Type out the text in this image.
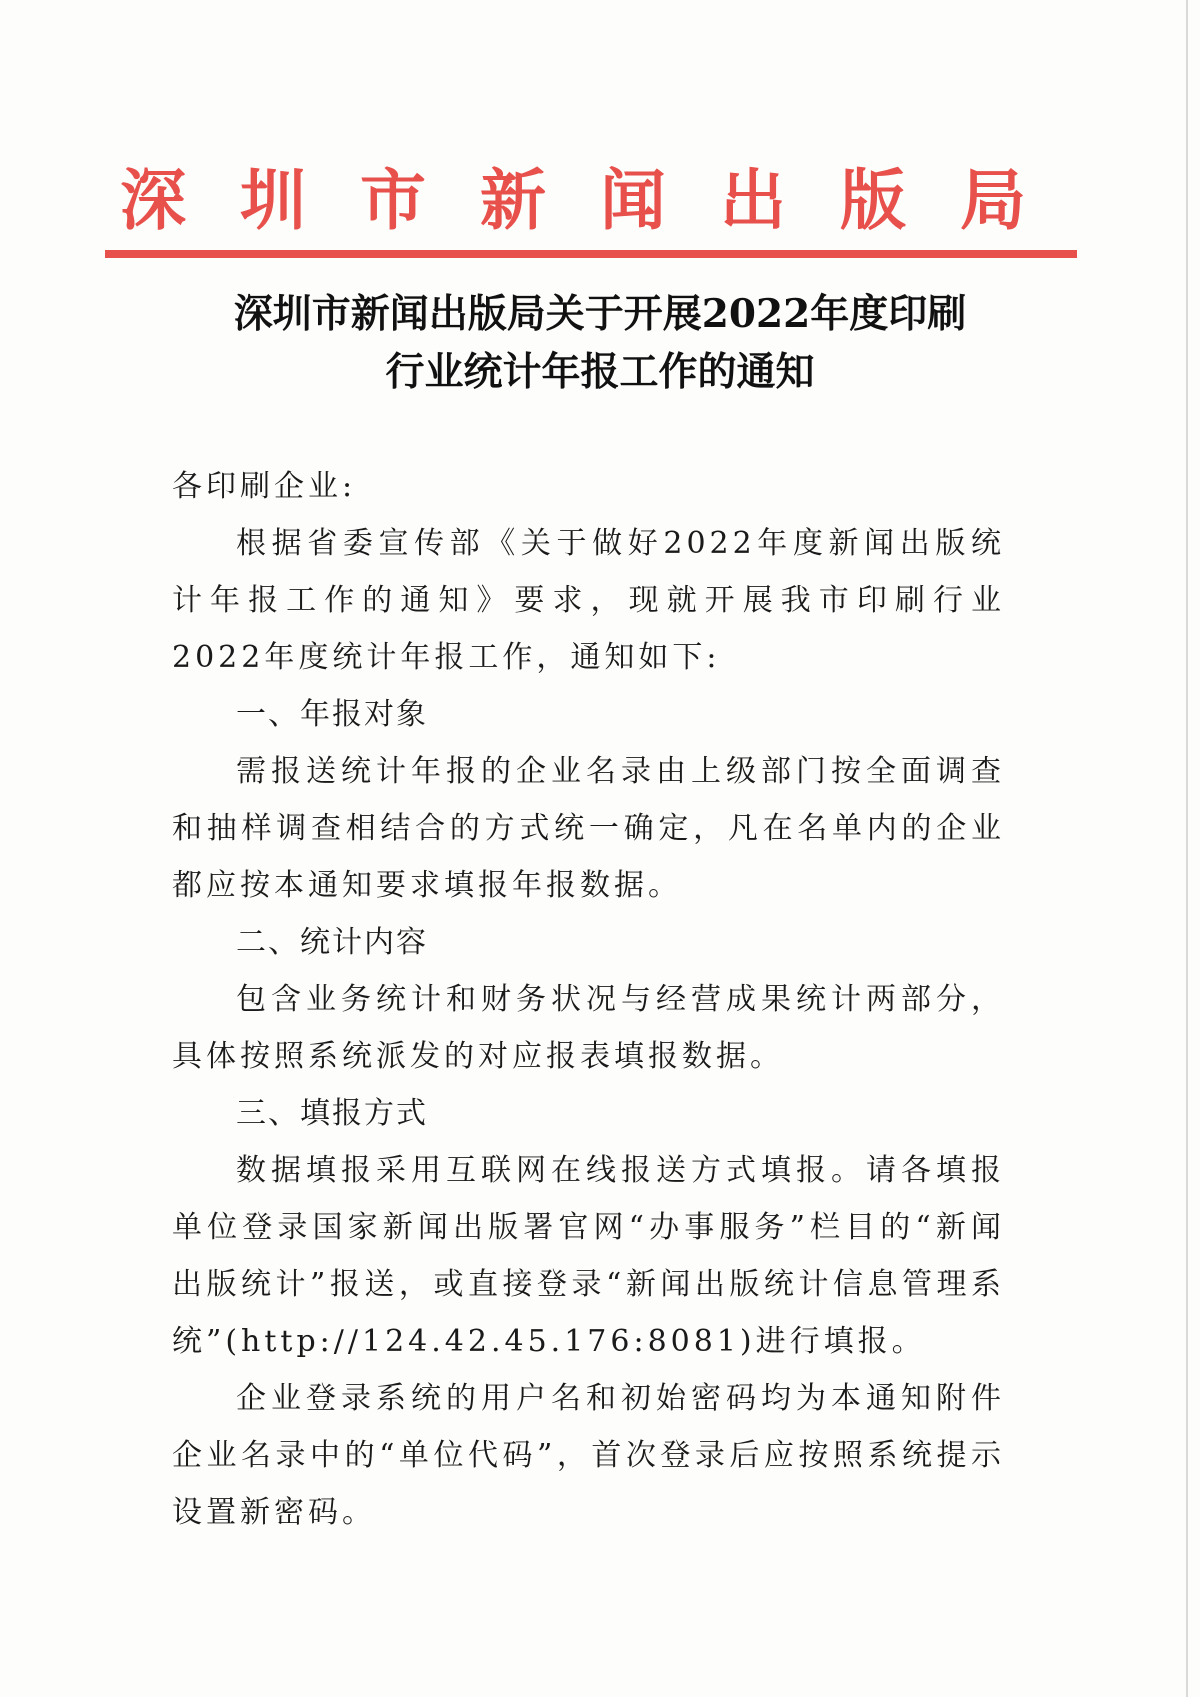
深圳市新闻出版局
深圳市新闻出版局关于开展2022年度印刷
行业统计年报工作的通知

各印刷企业:

根据省委宣传部《关于做好2022年度新闻出版统计年报工作的通知》要求，现就开展我市印刷行业2022年度统计年报工作，通知如下:

一、年报对象

需报送统计年报的企业名录由上级部门按全面调查和抽样调查相结合的方式统一确定，凡在名单内的企业都应按本通知要求填报年报数据。

二、统计内容

包含业务统计和财务状况与经营成果统计两部分，具体按照系统派发的对应报表填报数据。

三、填报方式

数据填报采用互联网在线报送方式填报。请各填报单位登录国家新闻出版署官网“办事服务”栏目的“新闻出版统计”报送，或直接登录“新闻出版统计信息管理系统”(http://124.42.45.176:8081)进行填报。

企业登录系统的用户名和初始密码均为本通知附件企业名录中的“单位代码”，首次登录后应按照系统提示设置新密码。
